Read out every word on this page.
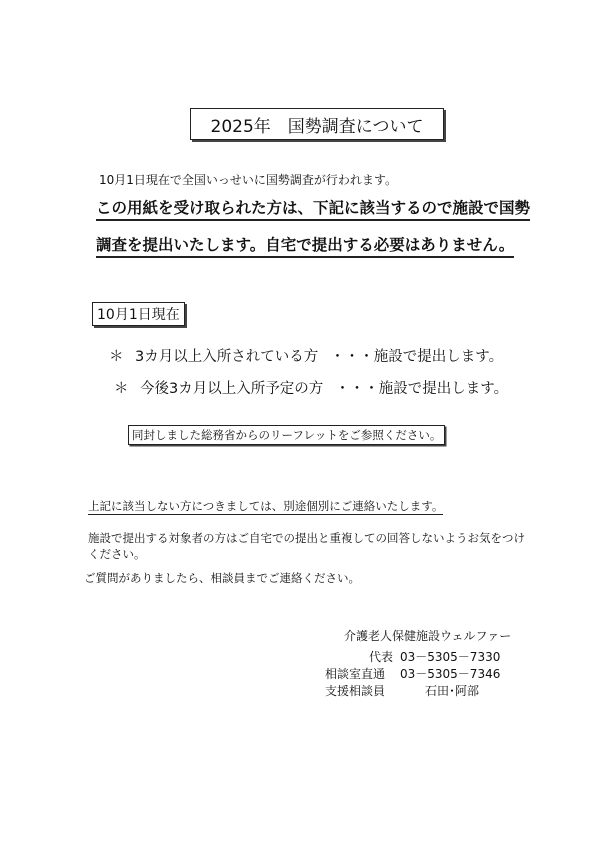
2025年　国勢調査について
10月1日現在で全国いっせいに国勢調査が行われます。
この用紙を受け取られた方は、下記に該当するので施設で国勢
調査を提出いたします。自宅で提出する必要はありません。
10月1日現在
＊ 3カ月以上入所されている方 ・・・施設で提出します。
＊ 今後3カ月以上入所予定の方 ・・・施設で提出します。
同封しました総務省からのリーフレットをご参照ください。
上記に該当しない方につきましては、別途個別にご連絡いたします。
施設で提出する対象者の方はご自宅での提出と重複しての回答しないようお気をつけください。
ご質問がありましたら、相談員までご連絡ください。
介護老人保健施設ウェルファー
代表 03－5305－7330
相談室直通 03－5305－7346
支援相談員	石田･阿部
